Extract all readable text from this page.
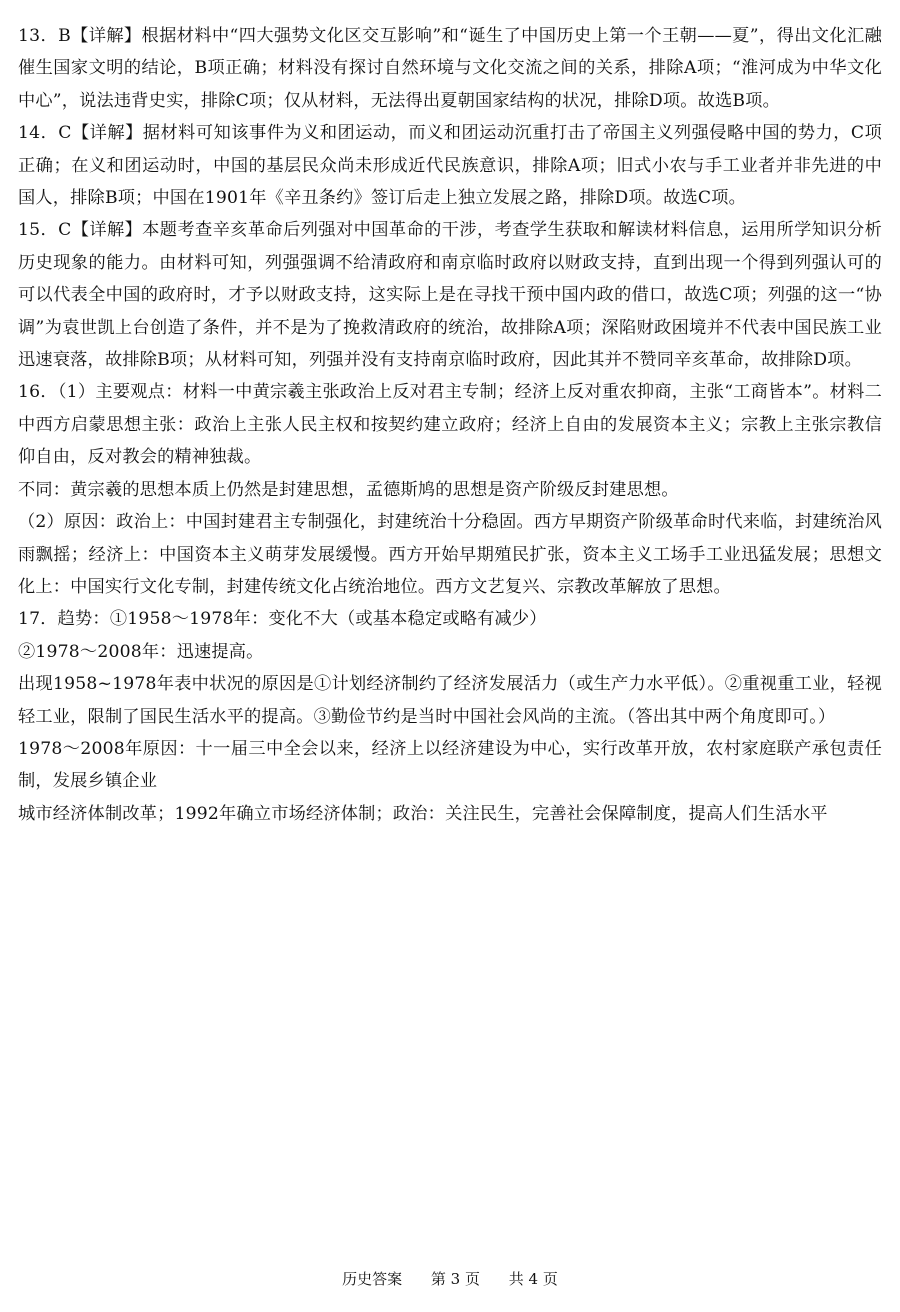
13．B【详解】根据材料中“四大强势文化区交互影响”和“诞生了中国历史上第一个王朝——夏”，得出文化汇融催生国家文明的结论，B项正确；材料没有探讨自然环境与文化交流之间的关系，排除A项；“淮河成为中华文化中心”，说法违背史实，排除C项；仅从材料，无法得出夏朝国家结构的状况，排除D项。故选B项。

14．C【详解】据材料可知该事件为义和团运动，而义和团运动沉重打击了帝国主义列强侵略中国的势力，C项正确；在义和团运动时，中国的基层民众尚未形成近代民族意识，排除A项；旧式小农与手工业者并非先进的中国人，排除B项；中国在1901年《辛丑条约》签订后走上独立发展之路，排除D项。故选C项。

15．C【详解】本题考查辛亥革命后列强对中国革命的干涉，考查学生获取和解读材料信息，运用所学知识分析历史现象的能力。由材料可知，列强强调不给清政府和南京临时政府以财政支持，直到出现一个得到列强认可的可以代表全中国的政府时，才予以财政支持，这实际上是在寻找干预中国内政的借口，故选C项；列强的这一“协调”为袁世凯上台创造了条件，并不是为了挽救清政府的统治，故排除A项；深陷财政困境并不代表中国民族工业迅速衰落，故排除B项；从材料可知，列强并没有支持南京临时政府，因此其并不赞同辛亥革命，故排除D项。

16．（1）主要观点：材料一中黄宗羲主张政治上反对君主专制；经济上反对重农抑商，主张“工商皆本”。材料二中西方启蒙思想主张：政治上主张人民主权和按契约建立政府；经济上自由的发展资本主义；宗教上主张宗教信仰自由，反对教会的精神独裁。

不同：黄宗羲的思想本质上仍然是封建思想，孟德斯鸠的思想是资产阶级反封建思想。

（2）原因：政治上：中国封建君主专制强化，封建统治十分稳固。西方早期资产阶级革命时代来临，封建统治风雨飘摇；经济上：中国资本主义萌芽发展缓慢。西方开始早期殖民扩张，资本主义工场手工业迅猛发展；思想文化上：中国实行文化专制，封建传统文化占统治地位。西方文艺复兴、宗教改革解放了思想。

17．趋势：①1958～1978年：变化不大（或基本稳定或略有减少）

②1978～2008年：迅速提高。

出现1958~1978年表中状况的原因是①计划经济制约了经济发展活力（或生产力水平低）。②重视重工业，轻视轻工业，限制了国民生活水平的提高。③勤俭节约是当时中国社会风尚的主流。（答出其中两个角度即可。）

1978～2008年原因：十一届三中全会以来，经济上以经济建设为中心，实行改革开放，农村家庭联产承包责任制，发展乡镇企业

城市经济体制改革；1992年确立市场经济体制；政治：关注民生，完善社会保障制度，提高人们生活水平

历史答案 第 3 页 共 4 页
